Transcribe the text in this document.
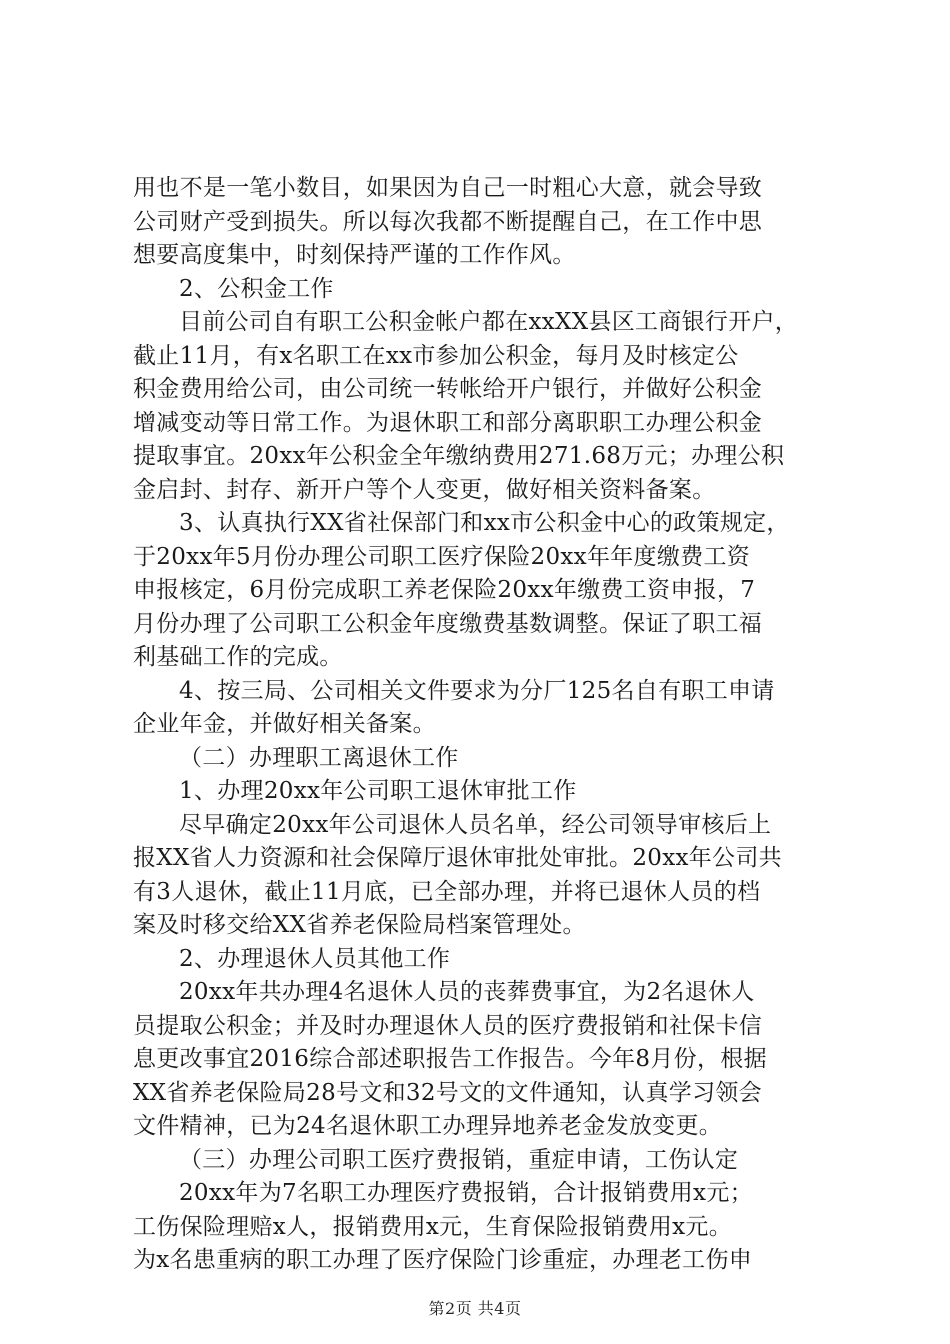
用也不是一笔小数目，如果因为自己一时粗心大意，就会导致
公司财产受到损失。所以每次我都不断提醒自己，在工作中思
想要高度集中，时刻保持严谨的工作作风。
2、公积金工作
目前公司自有职工公积金帐户都在xxXX县区工商银行开户，
截止11月，有x名职工在xx市参加公积金，每月及时核定公
积金费用给公司，由公司统一转帐给开户银行，并做好公积金
增减变动等日常工作。为退休职工和部分离职职工办理公积金
提取事宜。20xx年公积金全年缴纳费用271.68万元；办理公积
金启封、封存、新开户等个人变更，做好相关资料备案。
3、认真执行XX省社保部门和xx市公积金中心的政策规定，
于20xx年5月份办理公司职工医疗保险20xx年年度缴费工资
申报核定，6月份完成职工养老保险20xx年缴费工资申报，7
月份办理了公司职工公积金年度缴费基数调整。保证了职工福
利基础工作的完成。
4、按三局、公司相关文件要求为分厂125名自有职工申请
企业年金，并做好相关备案。
（二）办理职工离退休工作
1、办理20xx年公司职工退休审批工作
尽早确定20xx年公司退休人员名单，经公司领导审核后上
报XX省人力资源和社会保障厅退休审批处审批。20xx年公司共
有3人退休，截止11月底，已全部办理，并将已退休人员的档
案及时移交给XX省养老保险局档案管理处。
2、办理退休人员其他工作
20xx年共办理4名退休人员的丧葬费事宜，为2名退休人
员提取公积金；并及时办理退休人员的医疗费报销和社保卡信
息更改事宜2016综合部述职报告工作报告。今年8月份，根据
XX省养老保险局28号文和32号文的文件通知，认真学习领会
文件精神，已为24名退休职工办理异地养老金发放变更。
（三）办理公司职工医疗费报销，重症申请，工伤认定
20xx年为7名职工办理医疗费报销，合计报销费用x元；
工伤保险理赔x人，报销费用x元，生育保险报销费用x元。
为x名患重病的职工办理了医疗保险门诊重症，办理老工伤申
第2页 共4页
